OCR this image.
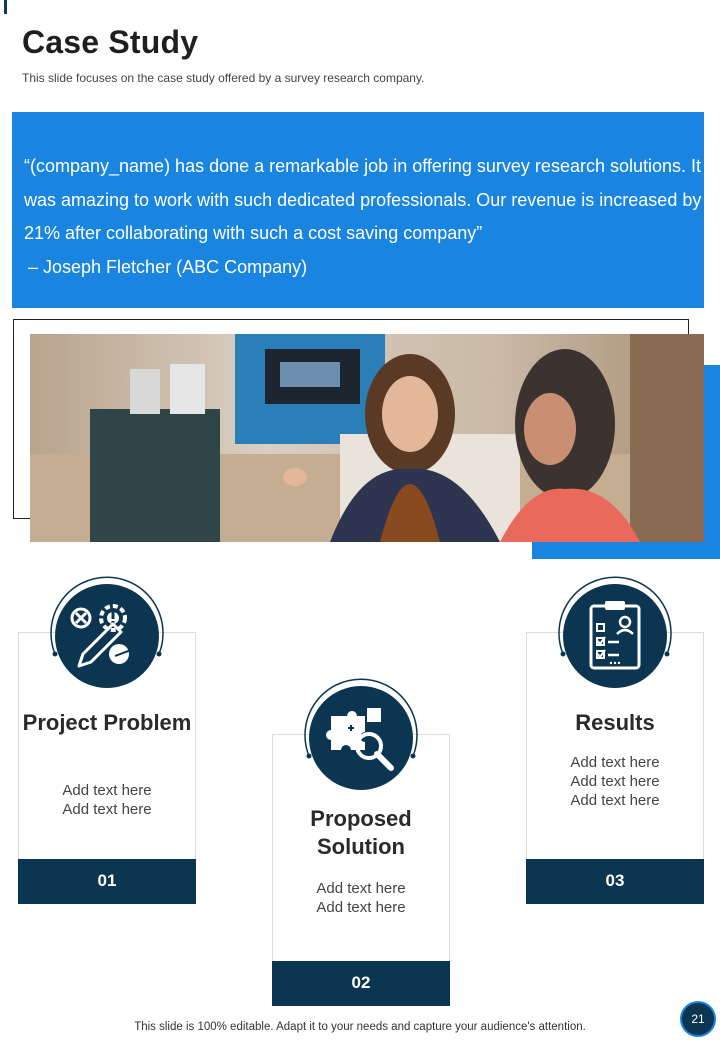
Case Study
This slide focuses on the case study offered by a survey research company.
“(company_name) has done a remarkable job in offering survey research solutions. It was amazing to work with such dedicated professionals. Our revenue is increased by 21% after collaborating with such a cost saving company”
– Joseph Fletcher (ABC Company)
Project Problem
Add text here
Add text here
01
Proposed Solution
Add text here
Add text here
02
Results
Add text here
Add text here
Add text here
03
This slide is 100% editable. Adapt it to your needs and capture your audience's attention.
21
